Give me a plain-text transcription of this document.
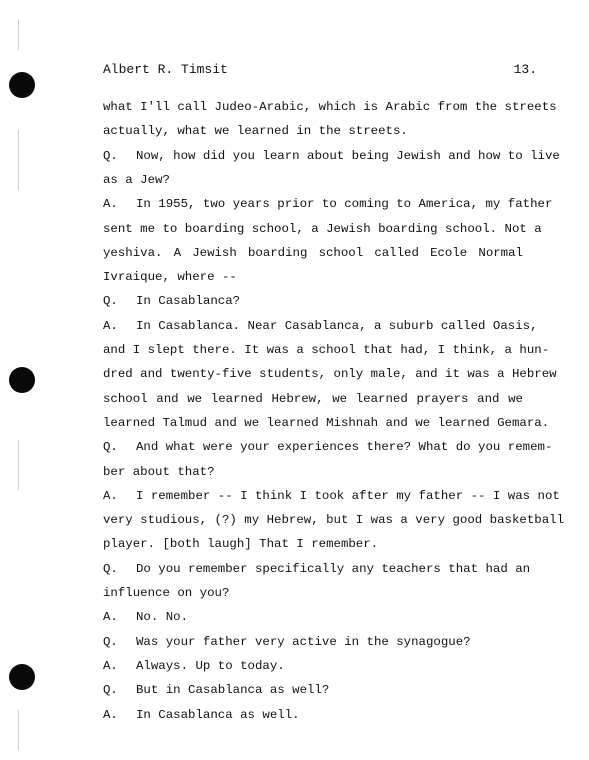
Albert R. Timsit	13.
what I'll call Judeo-Arabic, which is Arabic from the streets
actually, what we learned in the streets.
Q. Now, how did you learn about being Jewish and how to live
as a Jew?
A. In 1955, two years prior to coming to America, my father
sent me to boarding school, a Jewish boarding school. Not a
yeshiva. A Jewish boarding school called Ecole Normal
Ivraique, where --
Q. In Casablanca?
A. In Casablanca. Near Casablanca, a suburb called Oasis,
and I slept there. It was a school that had, I think, a hun-
dred and twenty-five students, only male, and it was a Hebrew
school and we learned Hebrew, we learned prayers and we
learned Talmud and we learned Mishnah and we learned Gemara.
Q. And what were your experiences there? What do you remem-
ber about that?
A. I remember -- I think I took after my father -- I was not
very studious, (?) my Hebrew, but I was a very good basketball
player. [both laugh] That I remember.
Q. Do you remember specifically any teachers that had an
influence on you?
A. No. No.
Q. Was your father very active in the synagogue?
A. Always. Up to today.
Q. But in Casablanca as well?
A. In Casablanca as well.
